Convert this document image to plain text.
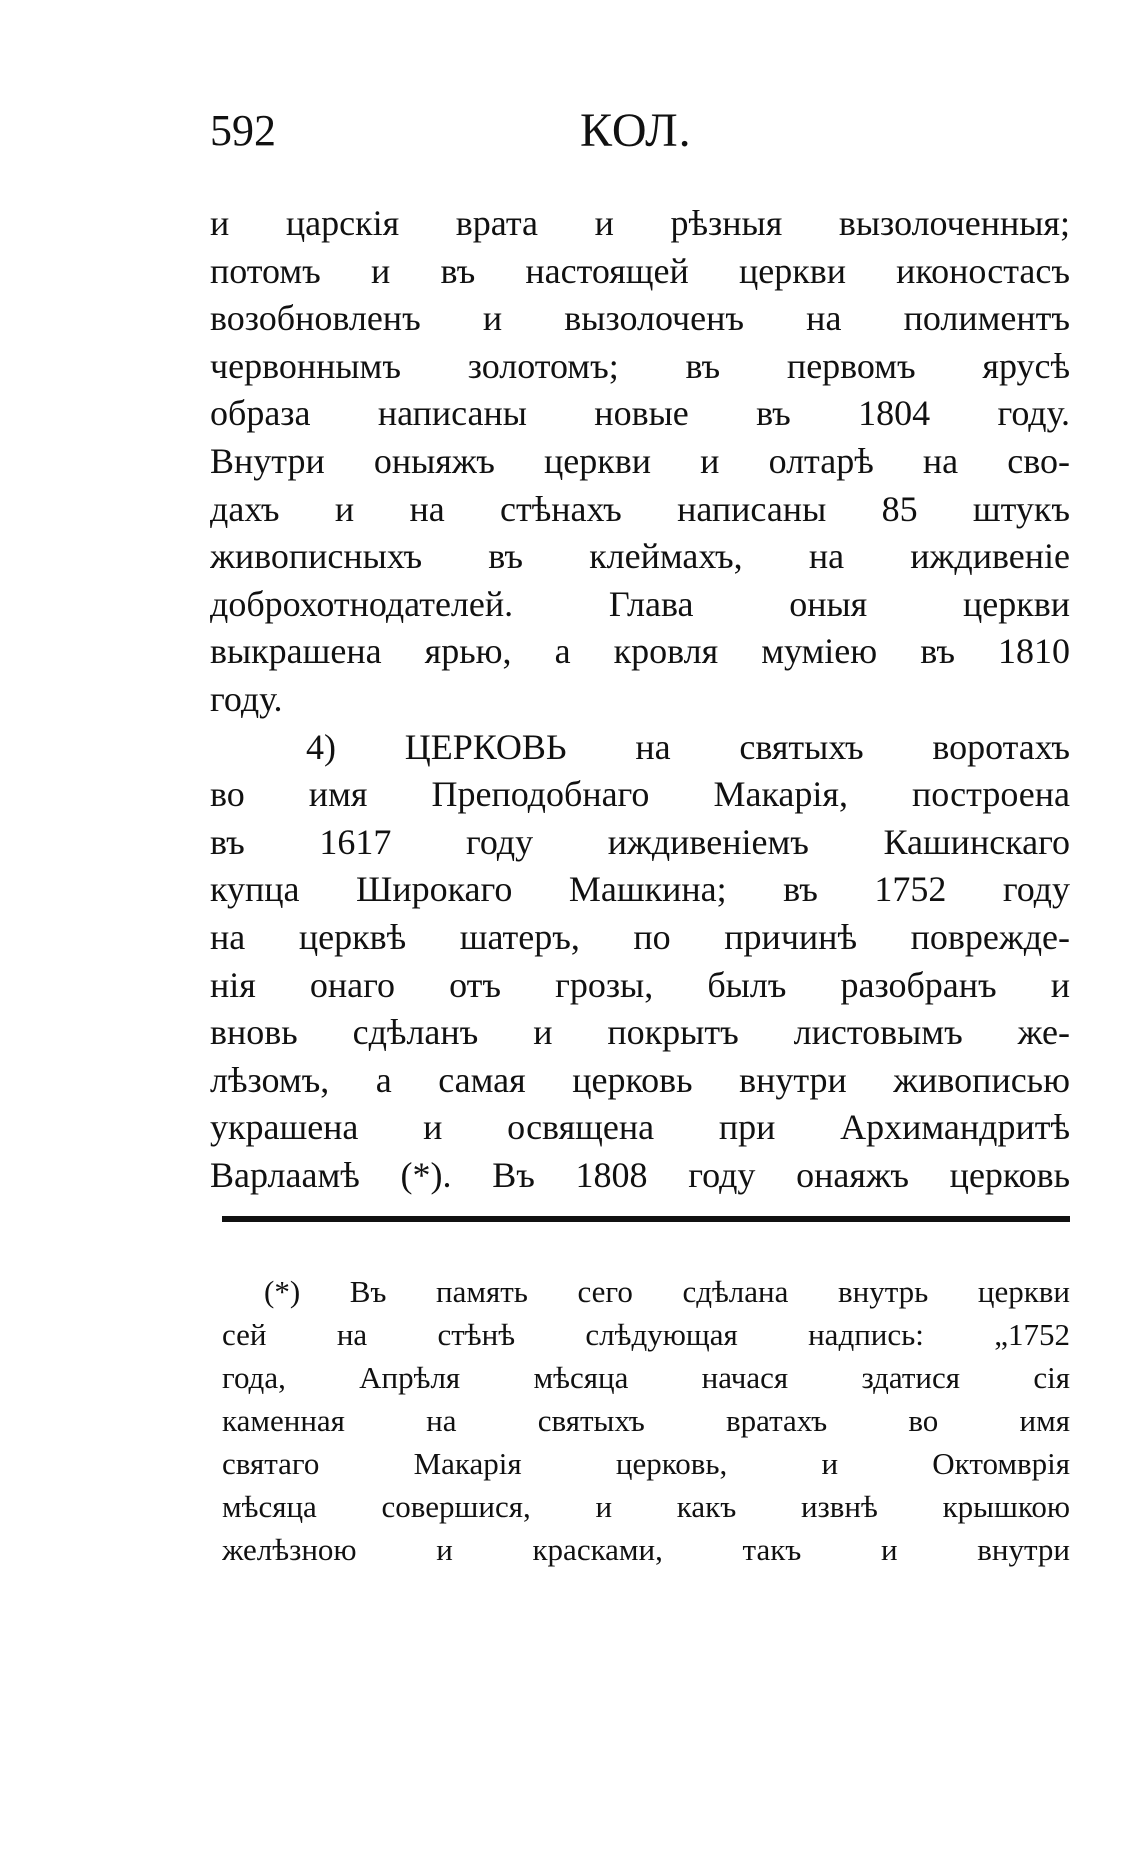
592	КОЛ.
и царскія врата и рѣзныя вызолоченныя;
потомъ и въ настоящей церкви иконостасъ
возобновленъ и вызолоченъ на полиментъ
червоннымъ золотомъ; въ первомъ ярусѣ
образа написаны новые въ 1804 году.
Внутри оныяжъ церкви и олтарѣ на сво-
дахъ и на стѣнахъ написаны 85 штукъ
живописныхъ въ клеймахъ, на иждивеніе
доброхотнодателей. Глава оныя церкви
выкрашена ярью, а кровля муміею въ 1810
году.
4) ЦЕРКОВЬ на святыхъ воротахъ
во имя Преподобнаго Макарія, построена
въ 1617 году иждивеніемъ Кашинскаго
купца Широкаго Машкина; въ 1752 году
на церквѣ шатеръ, по причинѣ поврежде-
нія онаго отъ грозы, былъ разобранъ и
вновь сдѣланъ и покрытъ листовымъ же-
лѣзомъ, а самая церковь внутри живописью
украшена и освящена при Архимандритѣ
Варлаамѣ (*). Въ 1808 году онаяжъ церковь
(*) Въ память сего сдѣлана внутрь церкви
сей на стѣнѣ слѣдующая надпись: „1752
года, Апрѣля мѣсяца начася здатися сія
каменная на святыхъ вратахъ во имя
святаго Макарія церковь, и Октомврія
мѣсяца совершися, и какъ извнѣ крышкою
желѣзною и красками, такъ и внутри
